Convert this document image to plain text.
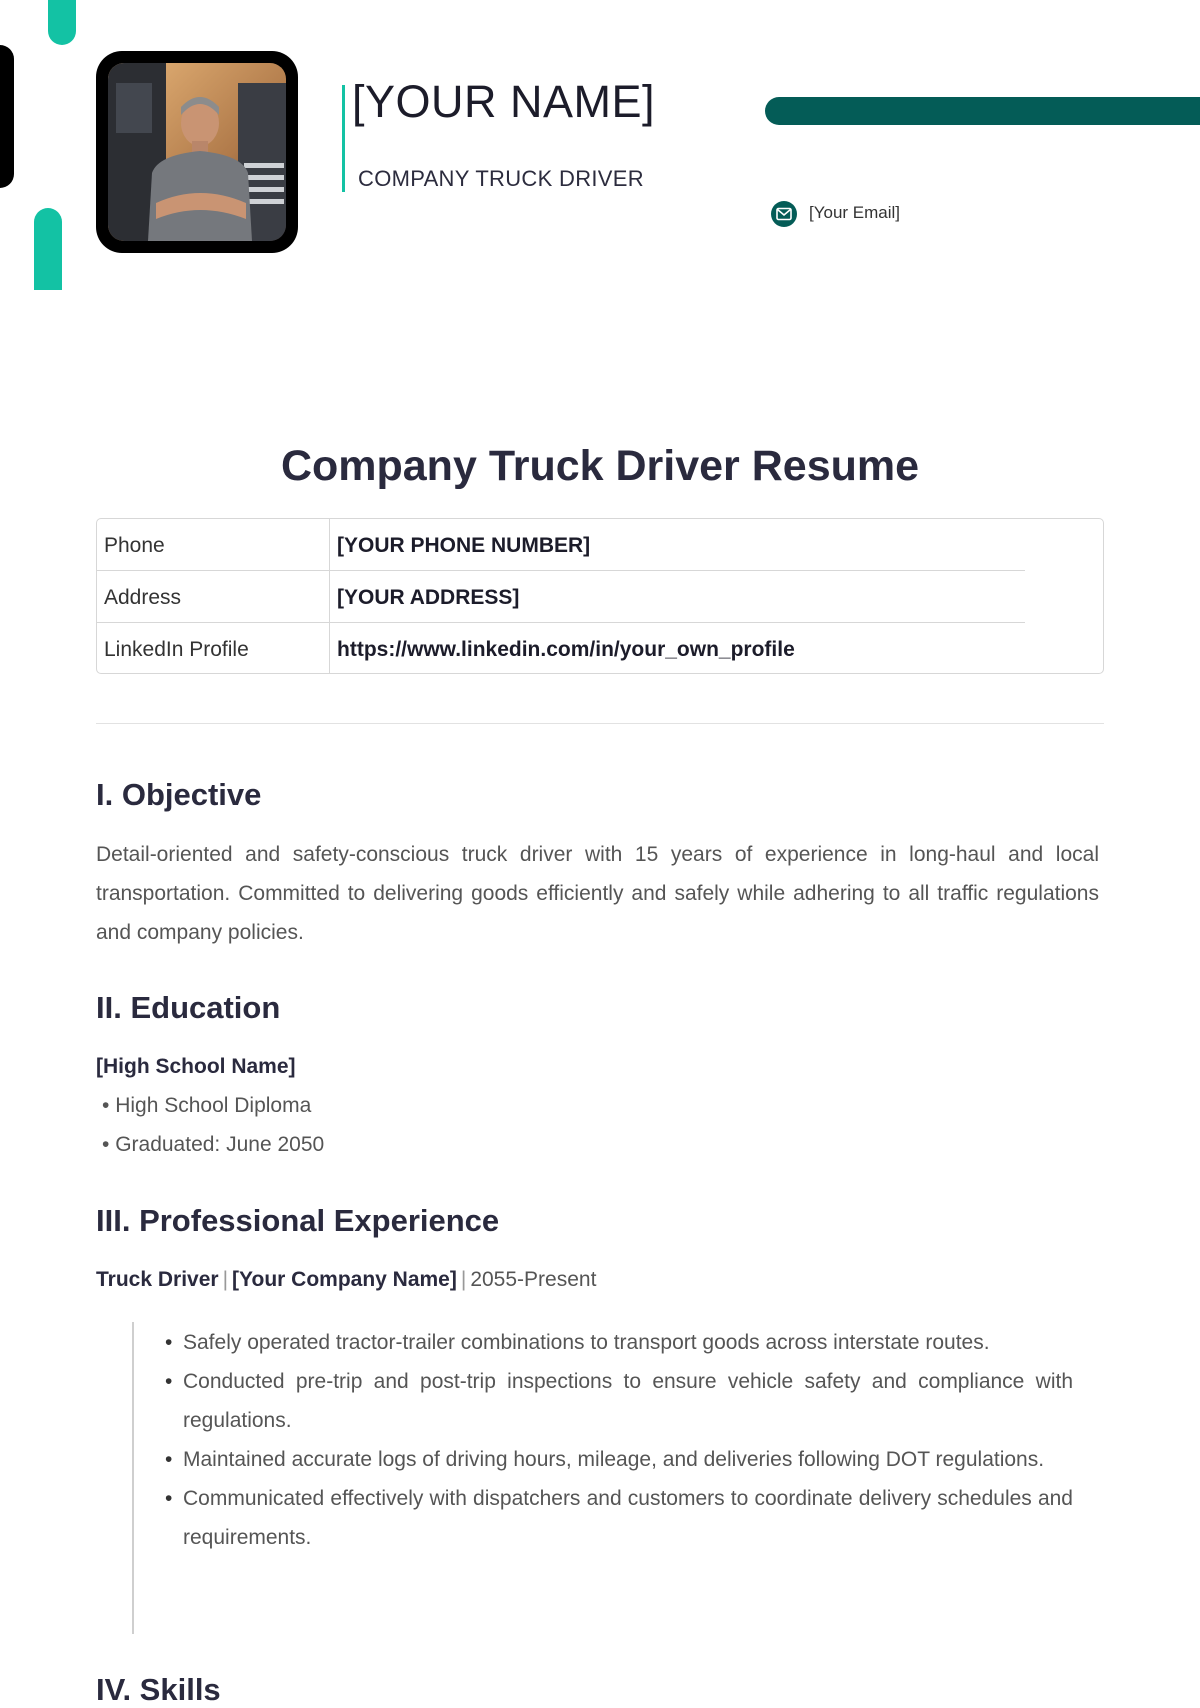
[YOUR NAME]
COMPANY TRUCK DRIVER
[Your Email]
Company Truck Driver Resume
Phone	[YOUR PHONE NUMBER]
Address	[YOUR ADDRESS]
LinkedIn Profile	https://www.linkedin.com/in/your_own_profile
I. Objective
Detail-oriented and safety-conscious truck driver with 15 years of experience in long-haul and local transportation. Committed to delivering goods efficiently and safely while adhering to all traffic regulations and company policies.
II. Education
[High School Name]
• High School Diploma
• Graduated: June 2050
III. Professional Experience
Truck Driver | [Your Company Name] | 2055-Present
• Safely operated tractor-trailer combinations to transport goods across interstate routes.
• Conducted pre-trip and post-trip inspections to ensure vehicle safety and compliance with regulations.
• Maintained accurate logs of driving hours, mileage, and deliveries following DOT regulations.
• Communicated effectively with dispatchers and customers to coordinate delivery schedules and requirements.
IV. Skills
